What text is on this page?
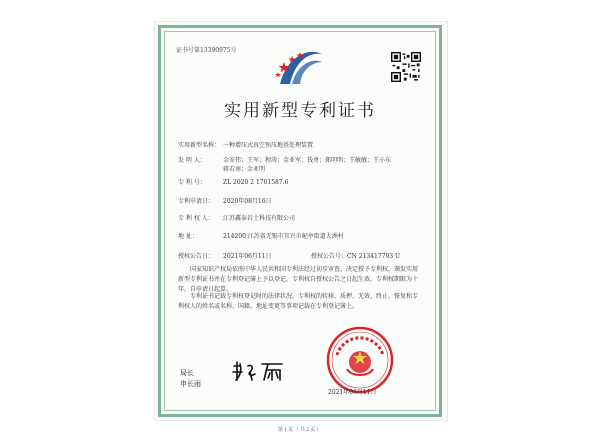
证书号第13390975号
实用新型专利证书
实用新型名称： 一种增压式真空预压地基处理装置
发 明 人：	金安伟；王军；程涛；金亚军；钱勇；郑明明；王敏敏；王小东
蒋若南；金亚明
专 利 号：	ZL 2020 2 1701587.6
专利申请日： 2020年08月16日
专 利 权 人： 江苏鑫泰岩土科技有限公司
地 址：	214200 江苏省无锡市宜兴市屺亭街道大洲村
授权公告日： 2021年06月11日	授权公告号：CN 213417793 U
国家知识产权局依照中华人民共和国专利法经过初步审查，决定授予专利权，颁发实用新型专利证书并在专利登记簿上予以登记。专利权自授权公告之日起生效。专利权期限为十年，自申请日起算。
专利证书记载专利权登记时的法律状况。专利权的转移、质押、无效、终止、恢复和专利权人的姓名或名称、国籍、地址变更等事项记载在专利登记簿上。
局长
申长雨
2021年06月11日
第1页（共2页）
